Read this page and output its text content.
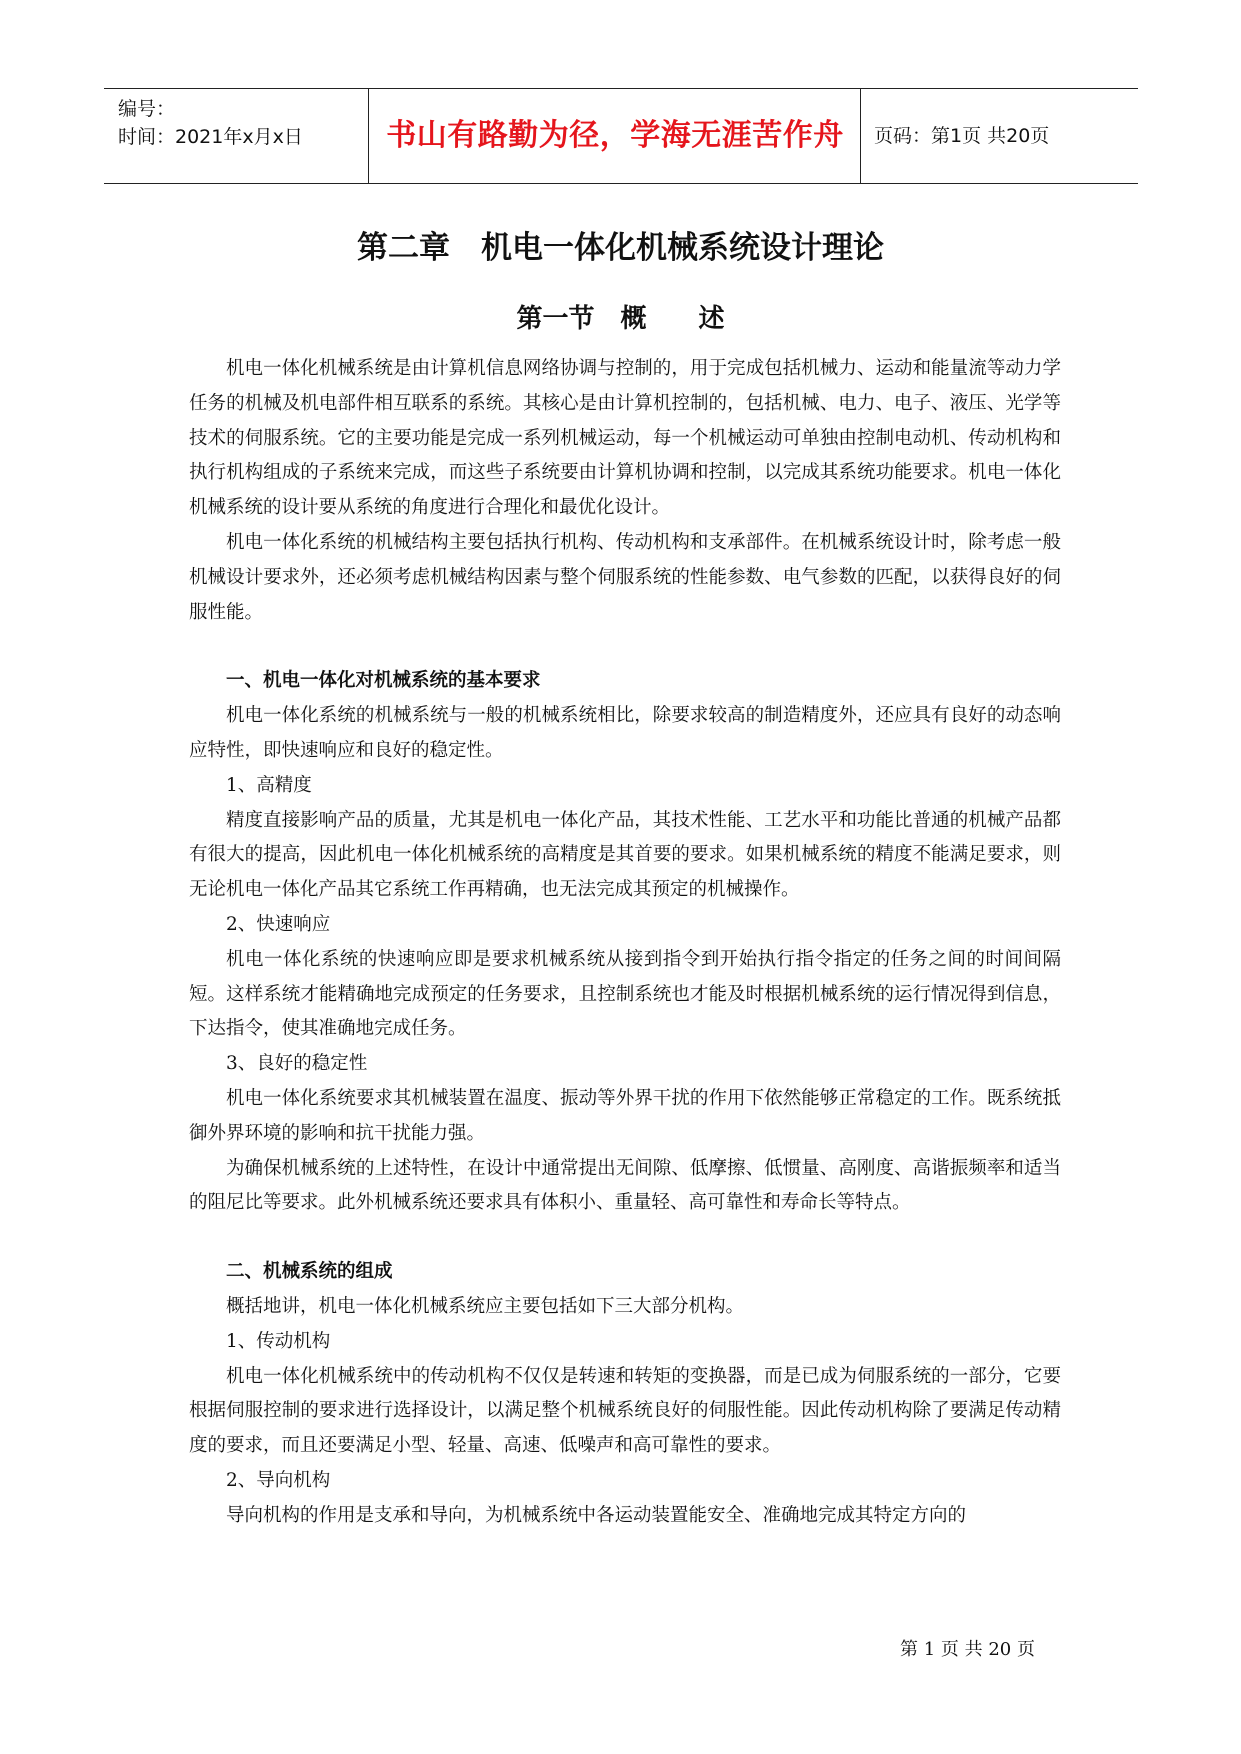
编号：
时间：2021年x月x日	书山有路勤为径，学海无涯苦作舟	页码：第1页 共20页
第二章　机电一体化机械系统设计理论
第一节　概　　述

机电一体化机械系统是由计算机信息网络协调与控制的，用于完成包括机械力、运动和能量流等动力学任务的机械及机电部件相互联系的系统。其核心是由计算机控制的，包括机械、电力、电子、液压、光学等技术的伺服系统。它的主要功能是完成一系列机械运动，每一个机械运动可单独由控制电动机、传动机构和执行机构组成的子系统来完成，而这些子系统要由计算机协调和控制，以完成其系统功能要求。机电一体化机械系统的设计要从系统的角度进行合理化和最优化设计。

机电一体化系统的机械结构主要包括执行机构、传动机构和支承部件。在机械系统设计时，除考虑一般机械设计要求外，还必须考虑机械结构因素与整个伺服系统的性能参数、电气参数的匹配，以获得良好的伺服性能。

一、机电一体化对机械系统的基本要求

机电一体化系统的机械系统与一般的机械系统相比，除要求较高的制造精度外，还应具有良好的动态响应特性，即快速响应和良好的稳定性。

1、高精度

精度直接影响产品的质量，尤其是机电一体化产品，其技术性能、工艺水平和功能比普通的机械产品都有很大的提高，因此机电一体化机械系统的高精度是其首要的要求。如果机械系统的精度不能满足要求，则无论机电一体化产品其它系统工作再精确，也无法完成其预定的机械操作。

2、快速响应

机电一体化系统的快速响应即是要求机械系统从接到指令到开始执行指令指定的任务之间的时间间隔短。这样系统才能精确地完成预定的任务要求，且控制系统也才能及时根据机械系统的运行情况得到信息，下达指令，使其准确地完成任务。

3、良好的稳定性

机电一体化系统要求其机械装置在温度、振动等外界干扰的作用下依然能够正常稳定的工作。既系统抵御外界环境的影响和抗干扰能力强。

为确保机械系统的上述特性，在设计中通常提出无间隙、低摩擦、低惯量、高刚度、高谐振频率和适当的阻尼比等要求。此外机械系统还要求具有体积小、重量轻、高可靠性和寿命长等特点。

二、机械系统的组成

概括地讲，机电一体化机械系统应主要包括如下三大部分机构。

1、传动机构

机电一体化机械系统中的传动机构不仅仅是转速和转矩的变换器，而是已成为伺服系统的一部分，它要根据伺服控制的要求进行选择设计，以满足整个机械系统良好的伺服性能。因此传动机构除了要满足传动精度的要求，而且还要满足小型、轻量、高速、低噪声和高可靠性的要求。

2、导向机构

导向机构的作用是支承和导向，为机械系统中各运动装置能安全、准确地完成其特定方向的

第 1 页 共 20 页
